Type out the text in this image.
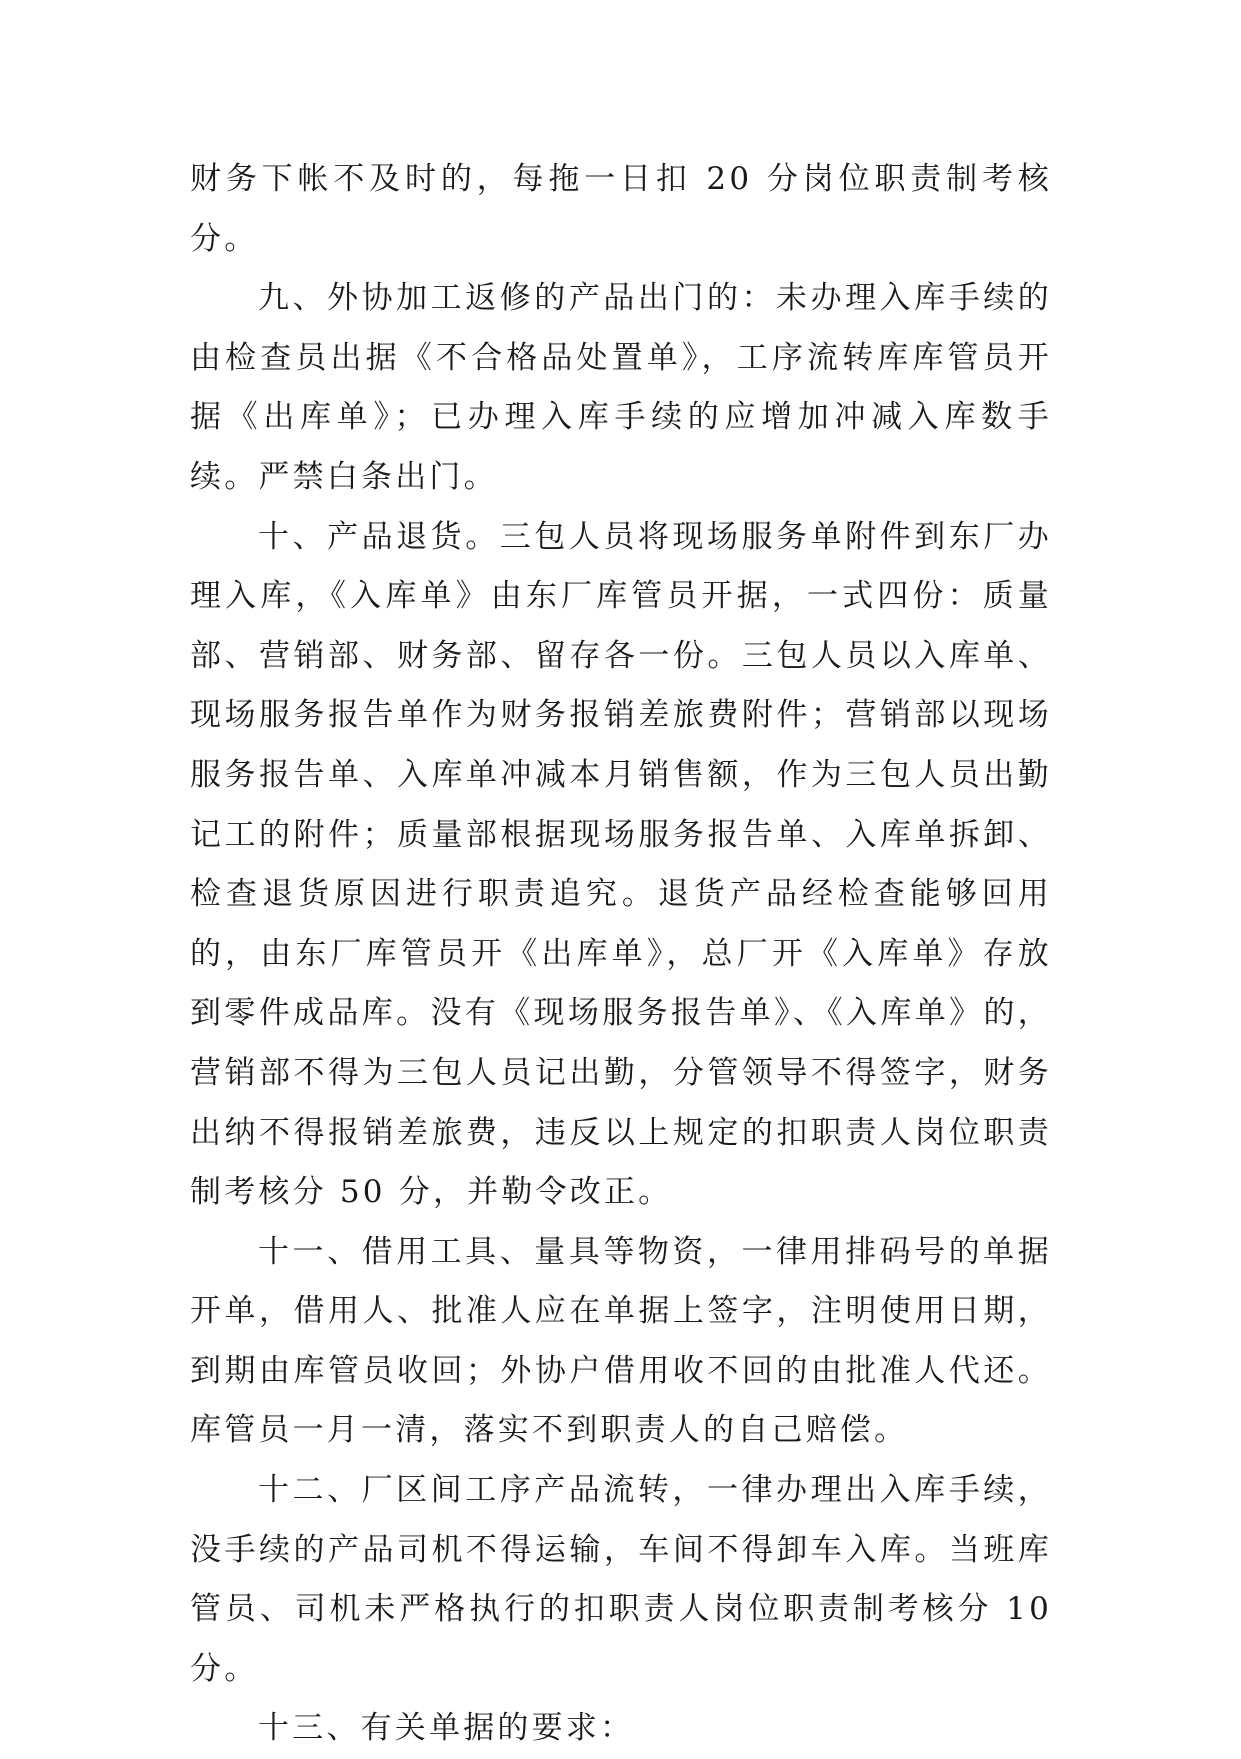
财务下帐不及时的，每拖一日扣 20 分岗位职责制考核分。

九、外协加工返修的产品出门的：未办理入库手续的由检查员出据《不合格品处置单》，工序流转库库管员开据《出库单》；已办理入库手续的应增加冲减入库数手续。严禁白条出门。

十、产品退货。三包人员将现场服务单附件到东厂办理入库，《入库单》由东厂库管员开据，一式四份：质量部、营销部、财务部、留存各一份。三包人员以入库单、现场服务报告单作为财务报销差旅费附件；营销部以现场服务报告单、入库单冲减本月销售额，作为三包人员出勤记工的附件；质量部根据现场服务报告单、入库单拆卸、检查退货原因进行职责追究。退货产品经检查能够回用的，由东厂库管员开《出库单》，总厂开《入库单》存放到零件成品库。没有《现场服务报告单》、《入库单》的，营销部不得为三包人员记出勤，分管领导不得签字，财务出纳不得报销差旅费，违反以上规定的扣职责人岗位职责制考核分 50 分，并勒令改正。

十一、借用工具、量具等物资，一律用排码号的单据开单，借用人、批准人应在单据上签字，注明使用日期，到期由库管员收回；外协户借用收不回的由批准人代还。库管员一月一清，落实不到职责人的自己赔偿。

十二、厂区间工序产品流转，一律办理出入库手续，没手续的产品司机不得运输，车间不得卸车入库。当班库管员、司机未严格执行的扣职责人岗位职责制考核分 10 分。

十三、有关单据的要求：
